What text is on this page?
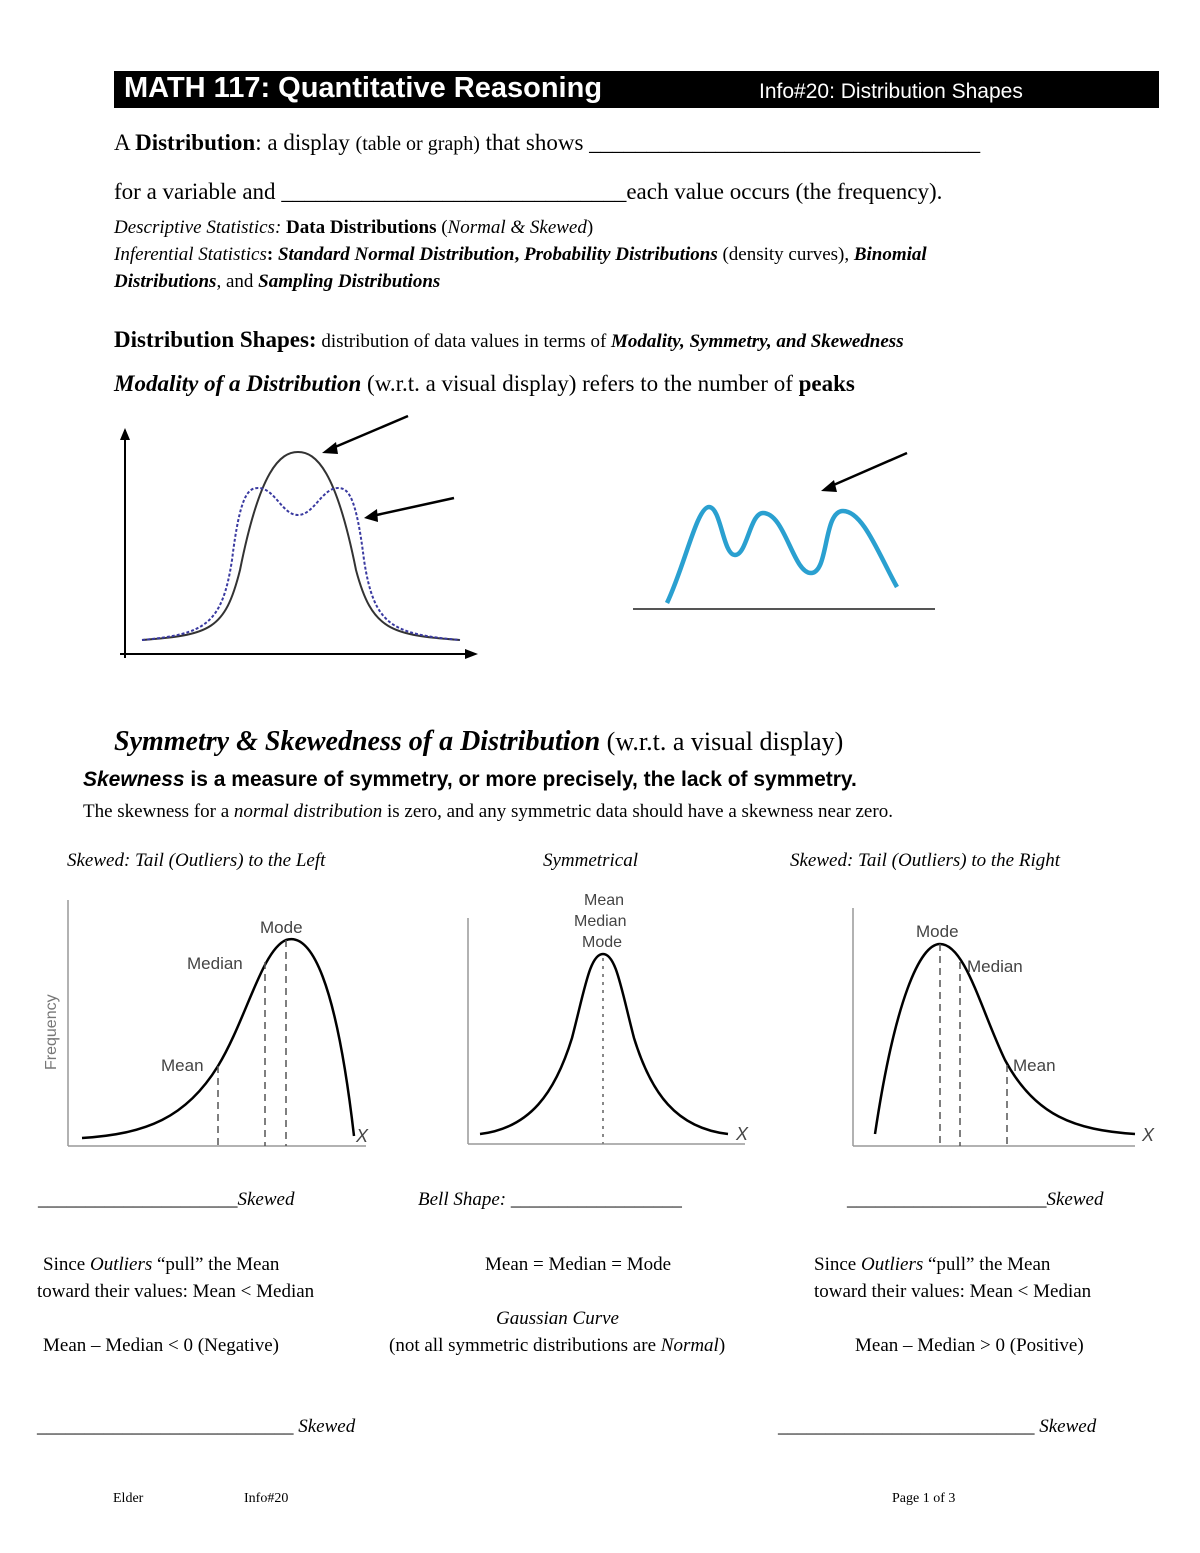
MATH 117: Quantitative Reasoning	Info#20: Distribution Shapes
A Distribution: a display (table or graph) that shows __________________________________
for a variable and ______________________________each value occurs (the frequency).
Descriptive Statistics: Data Distributions (Normal & Skewed)
Inferential Statistics: Standard Normal Distribution, Probability Distributions (density curves), Binomial
Distributions, and Sampling Distributions
Distribution Shapes: distribution of data values in terms of Modality, Symmetry, and Skewedness
Modality of a Distribution (w.r.t. a visual display) refers to the number of peaks
Symmetry & Skewedness of a Distribution (w.r.t. a visual display)
Skewness is a measure of symmetry, or more precisely, the lack of symmetry.
The skewness for a normal distribution is zero, and any symmetric data should have a skewness near zero.
Skewed: Tail (Outliers) to the Left	Symmetrical	Skewed: Tail (Outliers) to the Right
Frequency
Mode
Median
Mean
X
Mean
Median
Mode
X
Mode
Median
Mean
X
_____________________Skewed	Bell Shape: __________________	_____________________Skewed
Since Outliers “pull” the Mean
toward their values: Mean < Median
Mean – Median < 0 (Negative)
Mean = Median = Mode
Gaussian Curve
(not all symmetric distributions are Normal)
Since Outliers “pull” the Mean
toward their values: Mean < Median
Mean – Median > 0 (Positive)
___________________________ Skewed	___________________________ Skewed
Elder	Info#20	Page 1 of 3
